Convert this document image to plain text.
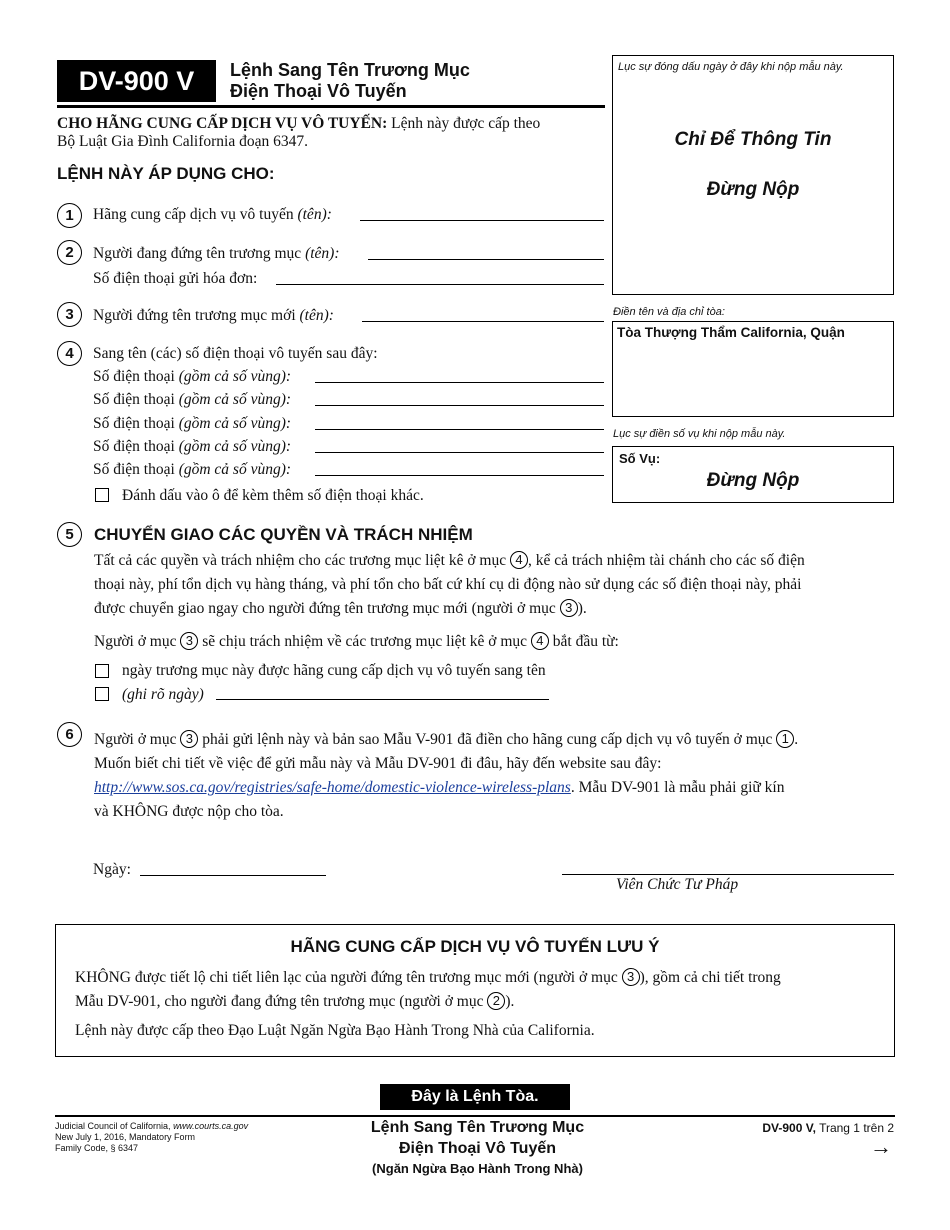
DV-900 V	Lệnh Sang Tên Trương Mục
Điện Thoại Vô Tuyến
CHO HÃNG CUNG CẤP DỊCH VỤ VÔ TUYẾN: Lệnh này được cấp theo
Bộ Luật Gia Đình California đoạn 6347.
LỆNH NÀY ÁP DỤNG CHO:
1	Hãng cung cấp dịch vụ vô tuyến (tên):
2	Người đang đứng tên trương mục (tên):
Số điện thoại gửi hóa đơn:
3	Người đứng tên trương mục mới (tên):
4	Sang tên (các) số điện thoại vô tuyến sau đây:
Số điện thoại (gồm cả số vùng):
Số điện thoại (gồm cả số vùng):
Số điện thoại (gồm cả số vùng):
Số điện thoại (gồm cả số vùng):
Số điện thoại (gồm cả số vùng):
Đánh dấu vào ô để kèm thêm số điện thoại khác.
Lục sự đóng dấu ngày ở đây khi nộp mẫu này.
Chỉ Để Thông Tin
Đừng Nộp
Điền tên và địa chỉ tòa:
Tòa Thượng Thẩm California, Quận
Lục sự điền số vụ khi nộp mẫu này.
Số Vụ:
Đừng Nộp
5	CHUYỂN GIAO CÁC QUYỀN VÀ TRÁCH NHIỆM
Tất cả các quyền và trách nhiệm cho các trương mục liệt kê ở mục 4 , kể cả trách nhiệm tài chánh cho các số điện
thoại này, phí tổn dịch vụ hàng tháng, và phí tổn cho bất cứ khí cụ di động nào sử dụng các số điện thoại này, phải
được chuyển giao ngay cho người đứng tên trương mục mới (người ở mục 3 ).
Người ở mục 3 sẽ chịu trách nhiệm về các trương mục liệt kê ở mục 4 bắt đầu từ:
ngày trương mục này được hãng cung cấp dịch vụ vô tuyến sang tên
(ghi rõ ngày)
6	Người ở mục 3 phải gửi lệnh này và bản sao Mẫu V-901 đã điền cho hãng cung cấp dịch vụ vô tuyến ở mục 1 .
Muốn biết chi tiết về việc để gửi mẫu này và Mẫu DV-901 đi đâu, hãy đến website sau đây:
http://www.sos.ca.gov/registries/safe-home/domestic-violence-wireless-plans. Mẫu DV-901 là mẫu phải giữ kín
và KHÔNG được nộp cho tòa.
Ngày:
Viên Chức Tư Pháp
HÃNG CUNG CẤP DỊCH VỤ VÔ TUYẾN LƯU Ý
KHÔNG được tiết lộ chi tiết liên lạc của người đứng tên trương mục mới (người ở mục 3 ), gồm cả chi tiết trong
Mẫu DV-901, cho người đang đứng tên trương mục (người ở mục 2 ).
Lệnh này được cấp theo Đạo Luật Ngăn Ngừa Bạo Hành Trong Nhà của California.
Đây là Lệnh Tòa.
Judicial Council of California, www.courts.ca.gov
New July 1, 2016, Mandatory Form
Family Code, § 6347
Lệnh Sang Tên Trương Mục
Điện Thoại Vô Tuyến
(Ngăn Ngừa Bạo Hành Trong Nhà)
DV-900 V, Trang 1 trên 2
→
